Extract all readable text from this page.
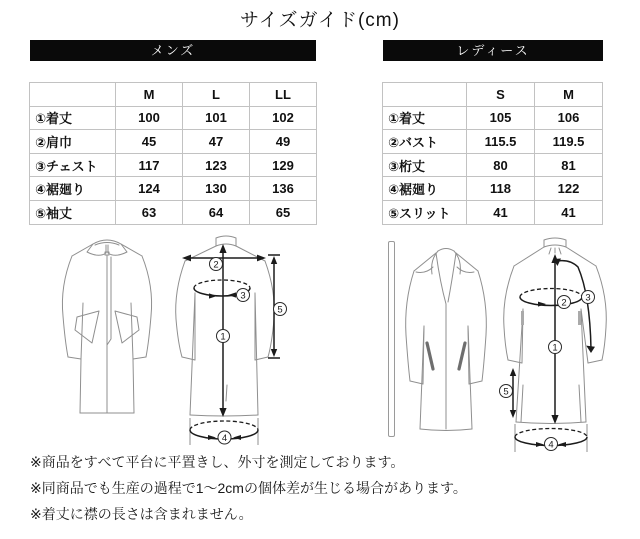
サイズガイド(cm)
メンズ	レディース
	M	L	LL
①着丈	100	101	102
②肩巾	45	47	49
③チェスト	117	123	129
④裾廻り	124	130	136
⑤袖丈	63	64	65
	S	M
①着丈	105	106
②バスト	115.5	119.5
③桁丈	80	81
④裾廻り	118	122
⑤スリット	41	41
2
3
1
5
4
2 3
1
5
4
※商品をすべて平台に平置きし、外寸を測定しております。
※同商品でも生産の過程で1～2cmの個体差が生じる場合があります。
※着丈に襟の長さは含まれません。
